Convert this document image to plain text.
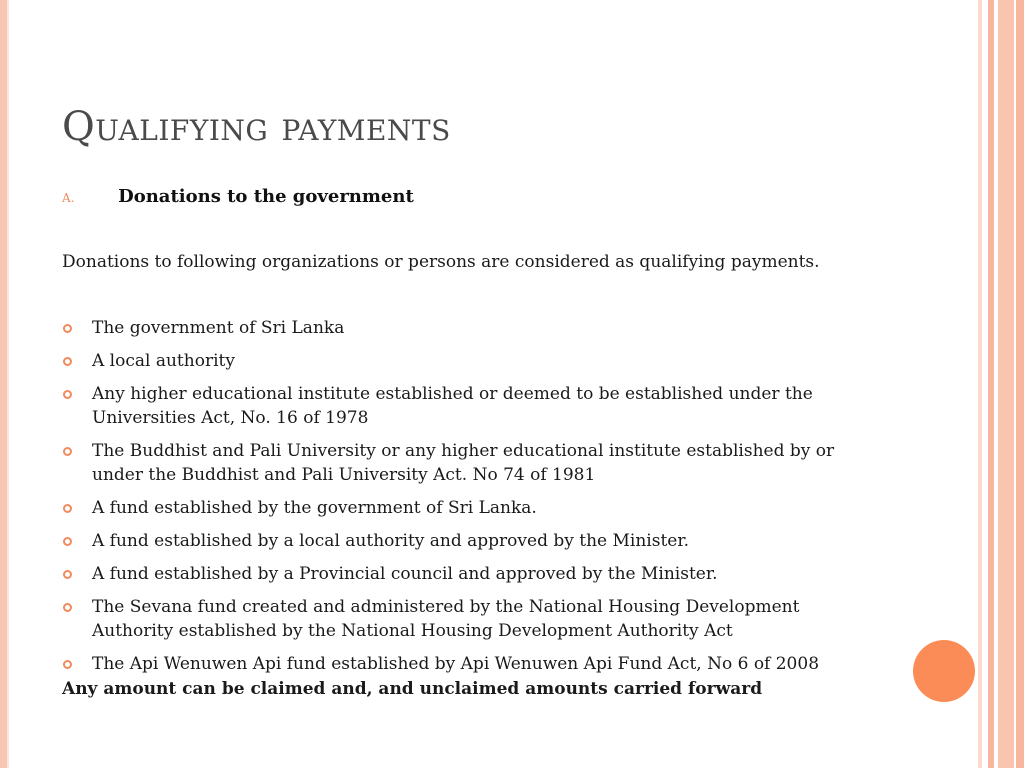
Qualifying payments
A. Donations to the government
Donations to following organizations or persons are considered as qualifying payments.
The government of Sri Lanka
A local authority
Any higher educational institute established or deemed to be established under the Universities Act, No. 16 of 1978
The Buddhist and Pali University or any higher educational institute established by or under the Buddhist and Pali University Act. No 74 of 1981
A fund established by the government of Sri Lanka.
A fund established by a local authority and approved by the Minister.
A fund established by a Provincial council and approved by the Minister.
The Sevana fund created and administered by the National Housing Development Authority established by the National Housing Development Authority Act
The Api Wenuwen Api fund established by Api Wenuwen Api Fund Act, No 6 of 2008
Any amount can be claimed and, and unclaimed amounts carried forward
